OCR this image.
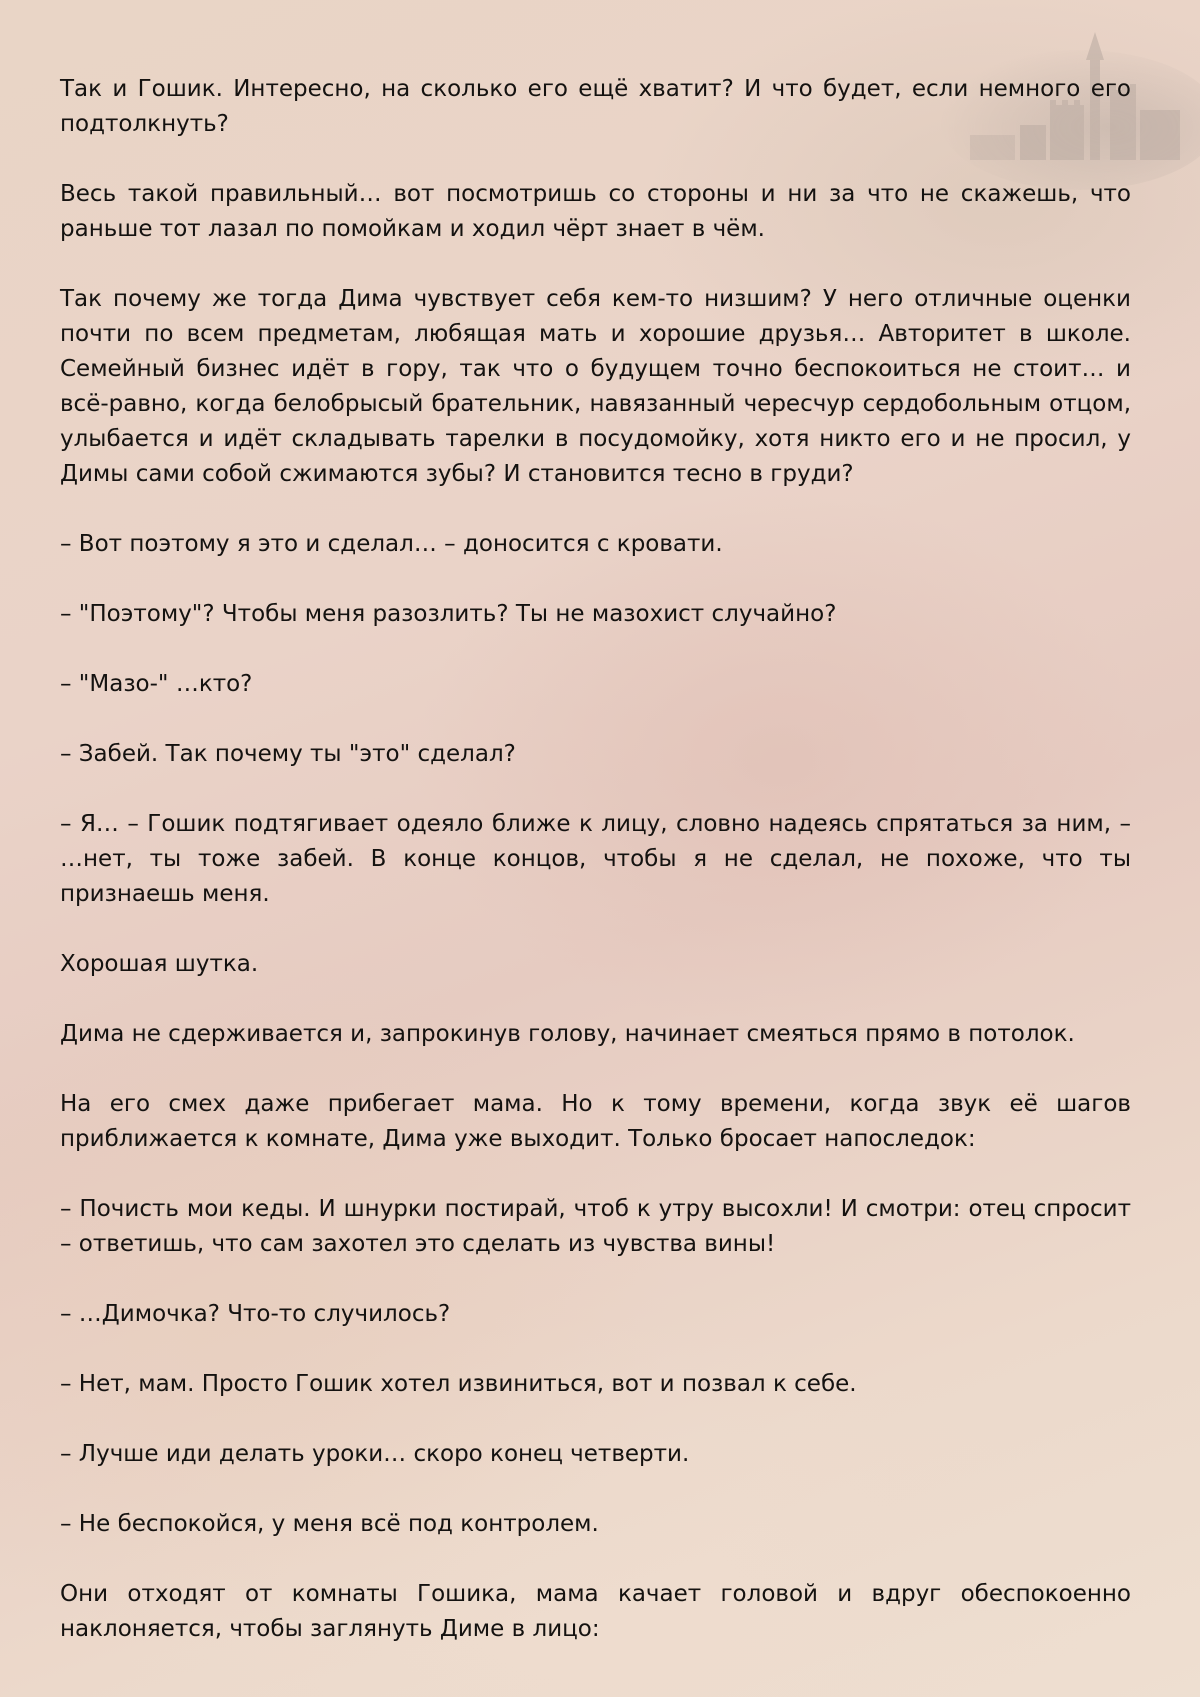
Так и Гошик. Интересно, на сколько его ещё хватит? И что будет, если немного его подтолкнуть?

Весь такой правильный… вот посмотришь со стороны и ни за что не скажешь, что раньше тот лазал по помойкам и ходил чёрт знает в чём.

Так почему же тогда Дима чувствует себя кем-то низшим? У него отличные оценки почти по всем предметам, любящая мать и хорошие друзья… Авторитет в школе. Семейный бизнес идёт в гору, так что о будущем точно беспокоиться не стоит… и всё-равно, когда белобрысый брательник, навязанный чересчур сердобольным отцом, улыбается и идёт складывать тарелки в посудомойку, хотя никто его и не просил, у Димы сами собой сжимаются зубы? И становится тесно в груди?

– Вот поэтому я это и сделал… – доносится с кровати.

– "Поэтому"? Чтобы меня разозлить? Ты не мазохист случайно?

– "Мазо-" …кто?

– Забей. Так почему ты "это" сделал?

– Я… – Гошик подтягивает одеяло ближе к лицу, словно надеясь спрятаться за ним, – …нет, ты тоже забей. В конце концов, чтобы я не сделал, не похоже, что ты признаешь меня.

Хорошая шутка.

Дима не сдерживается и, запрокинув голову, начинает смеяться прямо в потолок.

На его смех даже прибегает мама. Но к тому времени, когда звук её шагов приближается к комнате, Дима уже выходит. Только бросает напоследок:

– Почисть мои кеды. И шнурки постирай, чтоб к утру высохли! И смотри: отец спросит – ответишь, что сам захотел это сделать из чувства вины!

– …Димочка? Что-то случилось?

– Нет, мам. Просто Гошик хотел извиниться, вот и позвал к себе.

– Лучше иди делать уроки… скоро конец четверти.

– Не беспокойся, у меня всё под контролем.

Они отходят от комнаты Гошика, мама качает головой и вдруг обеспокоенно наклоняется, чтобы заглянуть Диме в лицо:
